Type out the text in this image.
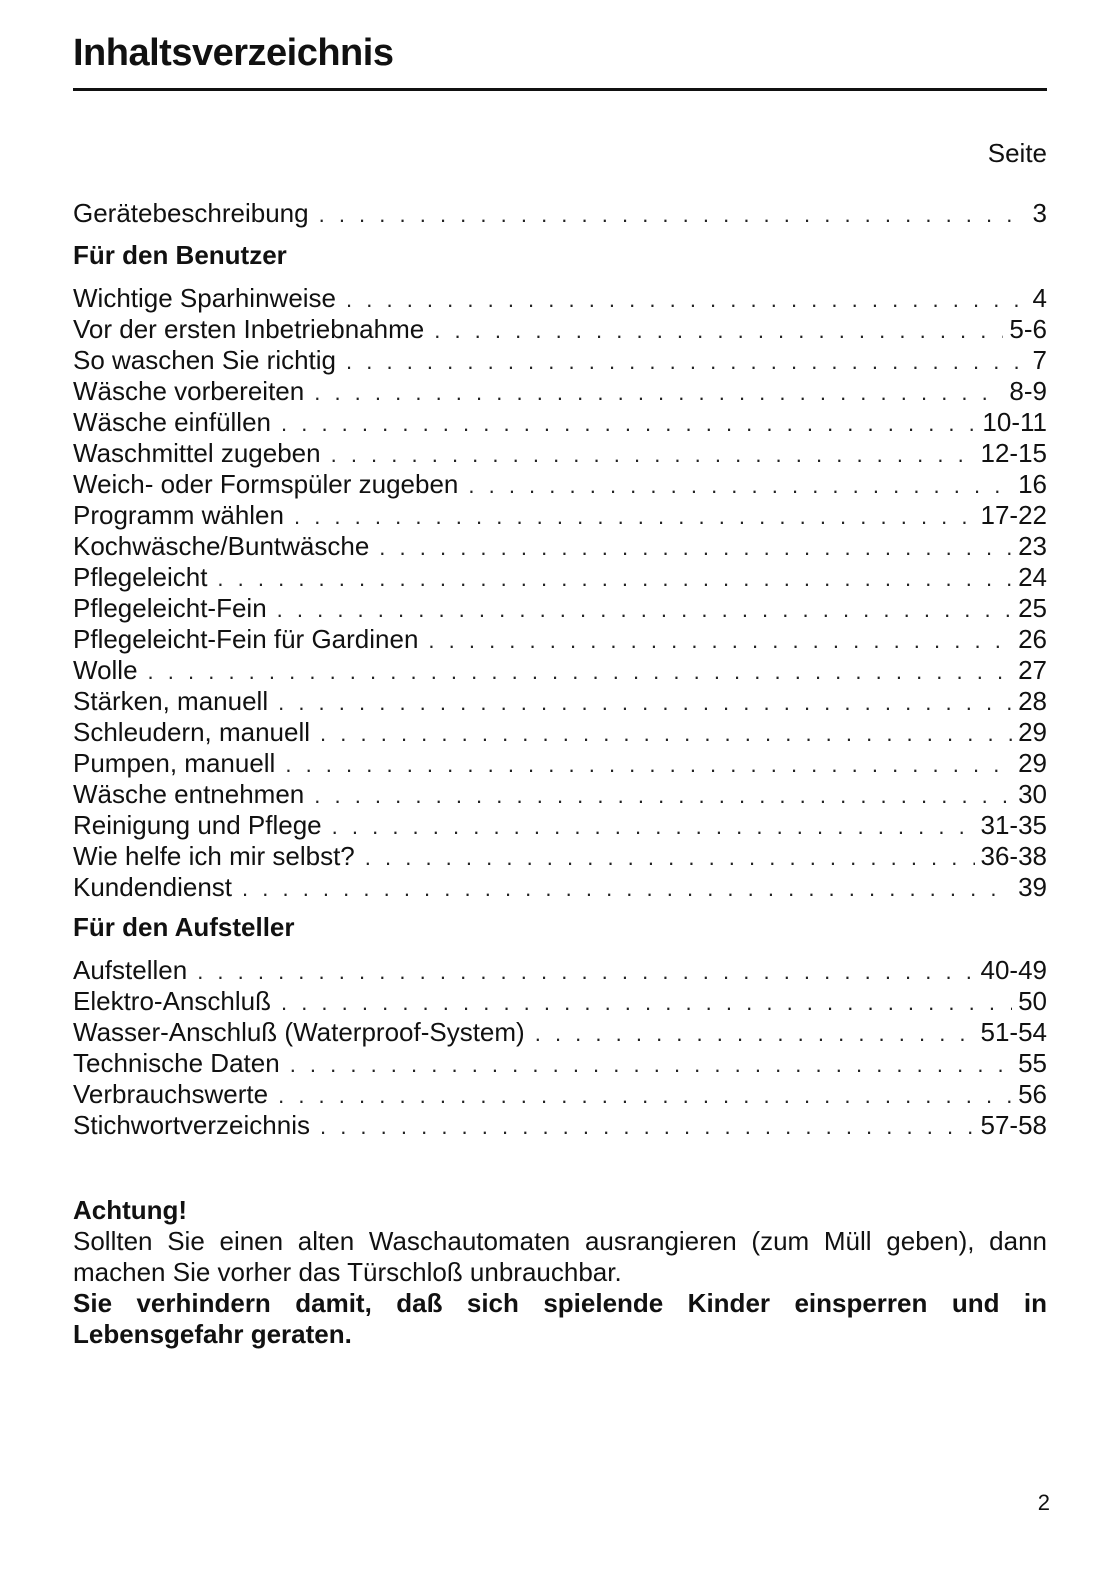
Inhaltsverzeichnis
Seite
Gerätebeschreibung . . .	3
Für den Benutzer
Wichtige Sparhinweise . . .	4
Vor der ersten Inbetriebnahme . . .	5-6
So waschen Sie richtig . . .	7
Wäsche vorbereiten . . .	8-9
Wäsche einfüllen . . .	10-11
Waschmittel zugeben . . .	12-15
Weich- oder Formspüler zugeben . . .	16
Programm wählen . . .	17-22
Kochwäsche/Buntwäsche . . .	23
Pflegeleicht . . .	24
Pflegeleicht-Fein . . .	25
Pflegeleicht-Fein für Gardinen . . .	26
Wolle . . .	27
Stärken, manuell . . .	28
Schleudern, manuell . . .	29
Pumpen, manuell . . .	29
Wäsche entnehmen . . .	30
Reinigung und Pflege . . .	31-35
Wie helfe ich mir selbst? . . .	36-38
Kundendienst . . .	39
Für den Aufsteller
Aufstellen . . .	40-49
Elektro-Anschluß . . .	50
Wasser-Anschluß (Waterproof-System) . . .	51-54
Technische Daten . . .	55
Verbrauchswerte . . .	56
Stichwortverzeichnis . . .	57-58
Achtung!
Sollten Sie einen alten Waschautomaten ausrangieren (zum Müll geben), dann machen Sie vorher das Türschloß unbrauchbar.
Sie verhindern damit, daß sich spielende Kinder einsperren und in Lebensgefahr geraten.
2
